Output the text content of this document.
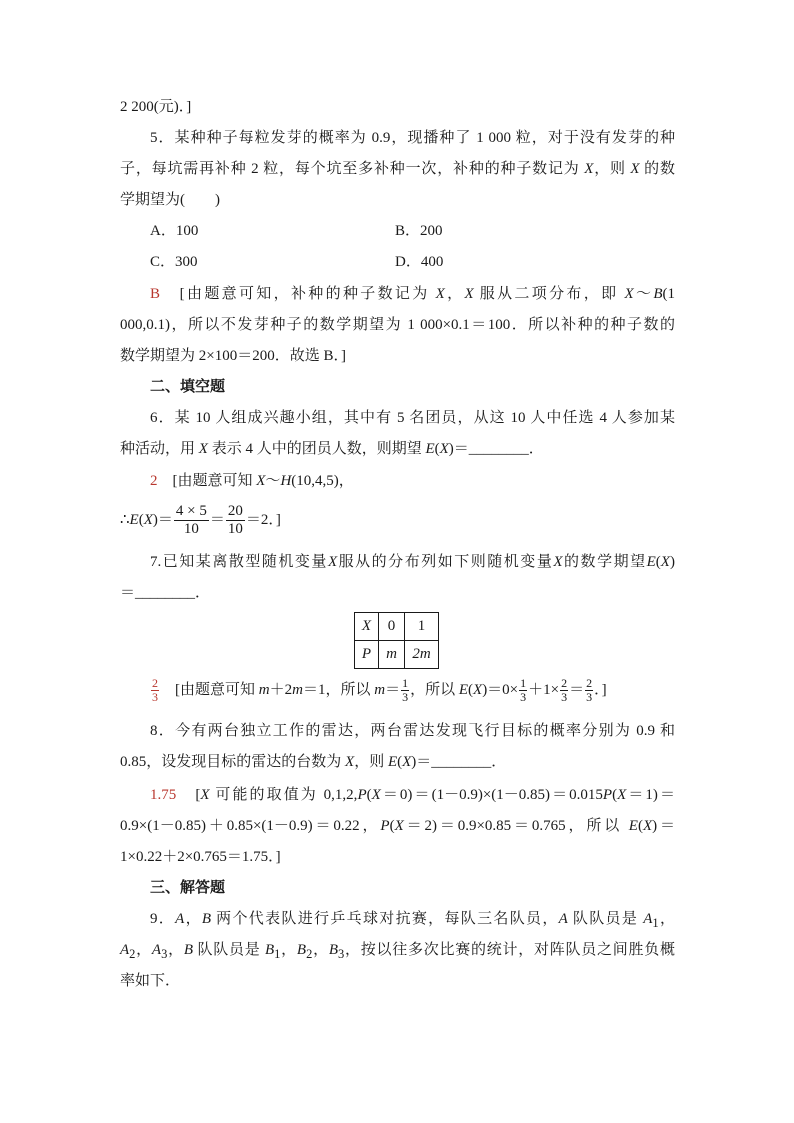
2 200(元)．]
5．某种种子每粒发芽的概率为 0.9，现播种了 1 000 粒，对于没有发芽的种
子，每坑需再补种 2 粒，每个坑至多补种一次，补种的种子数记为 X，则 X 的数
学期望为(　　)
A．100	B．200
C．300	D．400
B　[由题意可知，补种的种子数记为 X，X 服从二项分布，即 X～B(1
000,0.1)，所以不发芽种子的数学期望为 1 000×0.1＝100．所以补种的种子数的
数学期望为 2×100＝200．故选 B．]
二、填空题
6．某 10 人组成兴趣小组，其中有 5 名团员，从这 10 人中任选 4 人参加某
种活动，用 X 表示 4 人中的团员人数，则期望 E(X)＝________．
2　[由题意可知 X～H(10,4,5)，
∴E(X)＝ $\frac{4 \times 5}{10} = \frac{20}{10} =2$．]
7.已知某离散型随机变量X服从的分布列如下则随机变量X的数学期望E(X)
＝________．
X	0	1
P	m	2m
$\frac{2}{3}$ 　[由题意可知 m＋2m＝1，所以 $m= \frac{1}{3}$ ，所以 $E(X)=0\times \frac{1}{3} +1\times \frac{2}{3} = \frac{2}{3}$ ．]
8．今有两台独立工作的雷达，两台雷达发现飞行目标的概率分别为 0.9 和
0.85，设发现目标的雷达的台数为 X，则 E(X)＝________．
1.75　[X 可能的取值为 0,1,2,P(X＝0)＝(1－0.9)×(1－0.85)＝0.015P(X＝1)＝
0.9×(1－0.85)＋0.85×(1－0.9)＝0.22，P(X＝2)＝0.9×0.85＝0.765，所以 E(X)＝
1×0.22＋2×0.765＝1.75．]
三、解答题
9．A，B 两个代表队进行乒乓球对抗赛，每队三名队员，A 队队员是 $A_1$，
$A_2$，$A_3$，B 队队员是 $B_1$，$B_2$，$B_3$，按以往多次比赛的统计，对阵队员之间胜负概
率如下．
